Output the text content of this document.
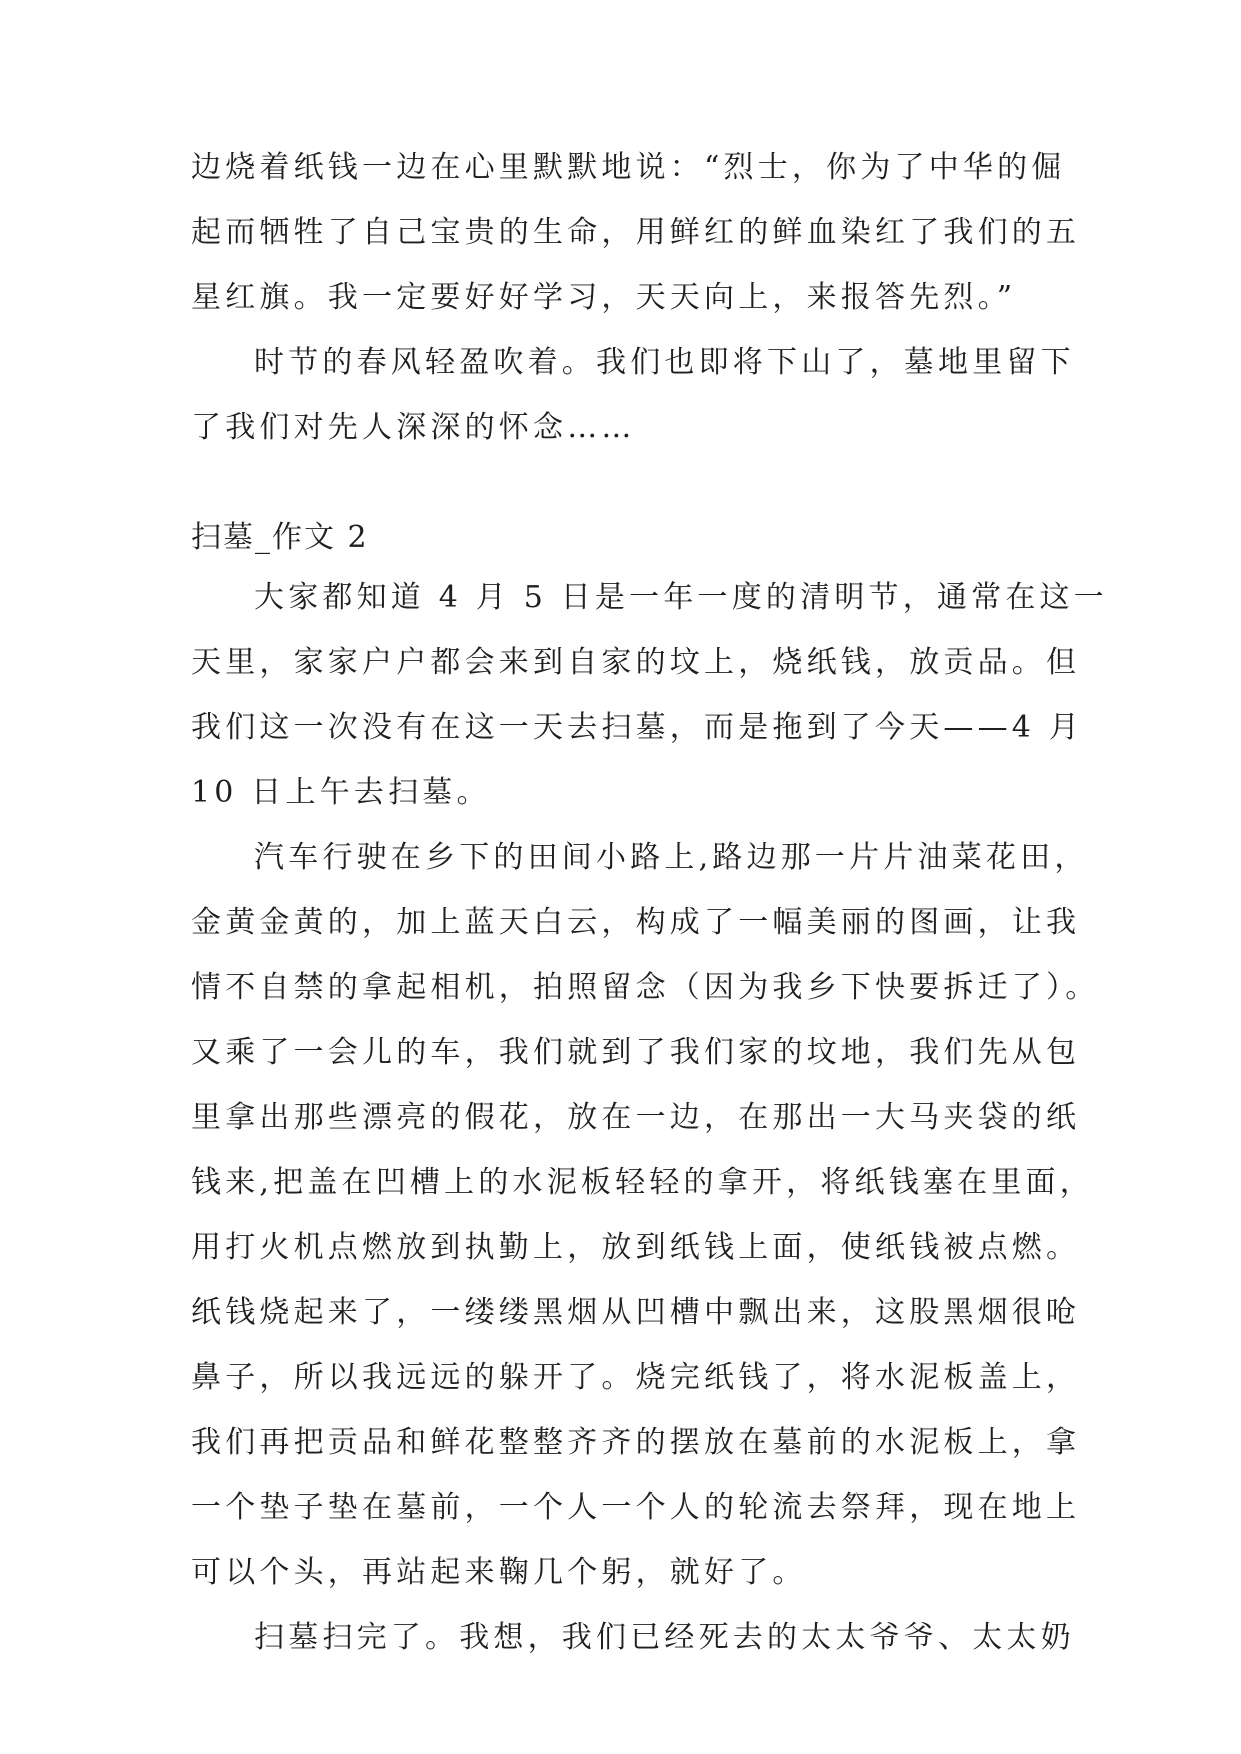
边烧着纸钱一边在心里默默地说：“烈士，你为了中华的倔
起而牺牲了自己宝贵的生命，用鲜红的鲜血染红了我们的五
星红旗。我一定要好好学习，天天向上，来报答先烈。”
时节的春风轻盈吹着。我们也即将下山了，墓地里留下
了我们对先人深深的怀念……
扫墓_作文 2
大家都知道 4 月 5 日是一年一度的清明节，通常在这一
天里，家家户户都会来到自家的坟上，烧纸钱，放贡品。但
我们这一次没有在这一天去扫墓，而是拖到了今天——4 月
10 日上午去扫墓。
汽车行驶在乡下的田间小路上,路边那一片片油菜花田，
金黄金黄的，加上蓝天白云，构成了一幅美丽的图画，让我
情不自禁的拿起相机，拍照留念（因为我乡下快要拆迁了）。
又乘了一会儿的车，我们就到了我们家的坟地，我们先从包
里拿出那些漂亮的假花，放在一边，在那出一大马夹袋的纸
钱来,把盖在凹槽上的水泥板轻轻的拿开，将纸钱塞在里面，
用打火机点燃放到执勤上，放到纸钱上面，使纸钱被点燃。
纸钱烧起来了，一缕缕黑烟从凹槽中飘出来，这股黑烟很呛
鼻子，所以我远远的躲开了。烧完纸钱了，将水泥板盖上，
我们再把贡品和鲜花整整齐齐的摆放在墓前的水泥板上，拿
一个垫子垫在墓前，一个人一个人的轮流去祭拜，现在地上
可以个头，再站起来鞠几个躬，就好了。
扫墓扫完了。我想，我们已经死去的太太爷爷、太太奶
